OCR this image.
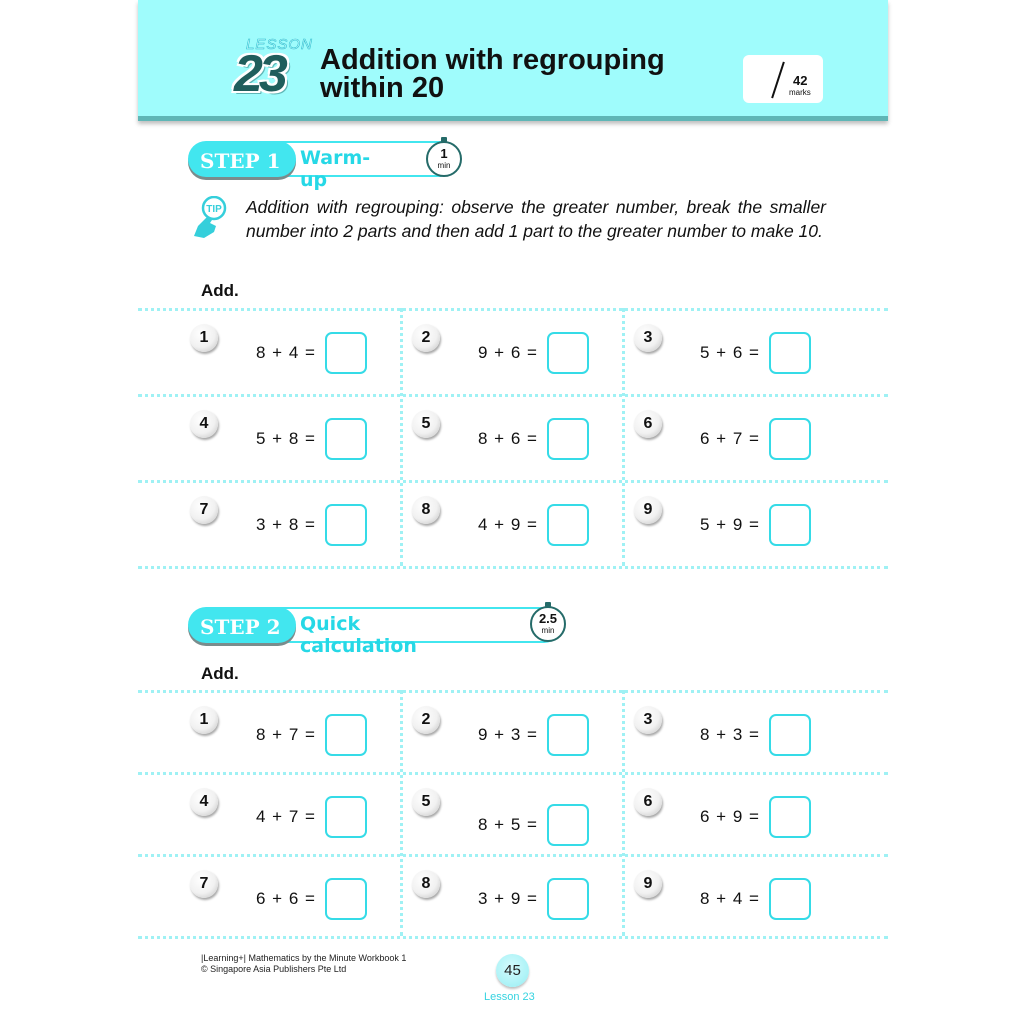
LESSON
23 Addition with regrouping
within 20	42
marks
STEP 1 Warm-up
1
min
TIP Addition with regrouping: observe the greater number, break the smaller number into 2 parts and then add 1 part to the greater number to make 10.
Add.
1
8 + 4 =
2
9 + 6 =
3
5 + 6 =
4
5 + 8 =
5
8 + 6 =
6
6 + 7 =
7
3 + 8 =
8
4 + 9 =
9
5 + 9 =
STEP 2 Quick calculation
2.5
min
Add.
1
8 + 7 =
2
9 + 3 =
3
8 + 3 =
4
4 + 7 =
5
8 + 5 =
6
6 + 9 =
7
6 + 6 =
8
3 + 9 =
9
8 + 4 =
|Learning+| Mathematics by the Minute Workbook 1
© Singapore Asia Publishers Pte Ltd	45
Lesson 23
